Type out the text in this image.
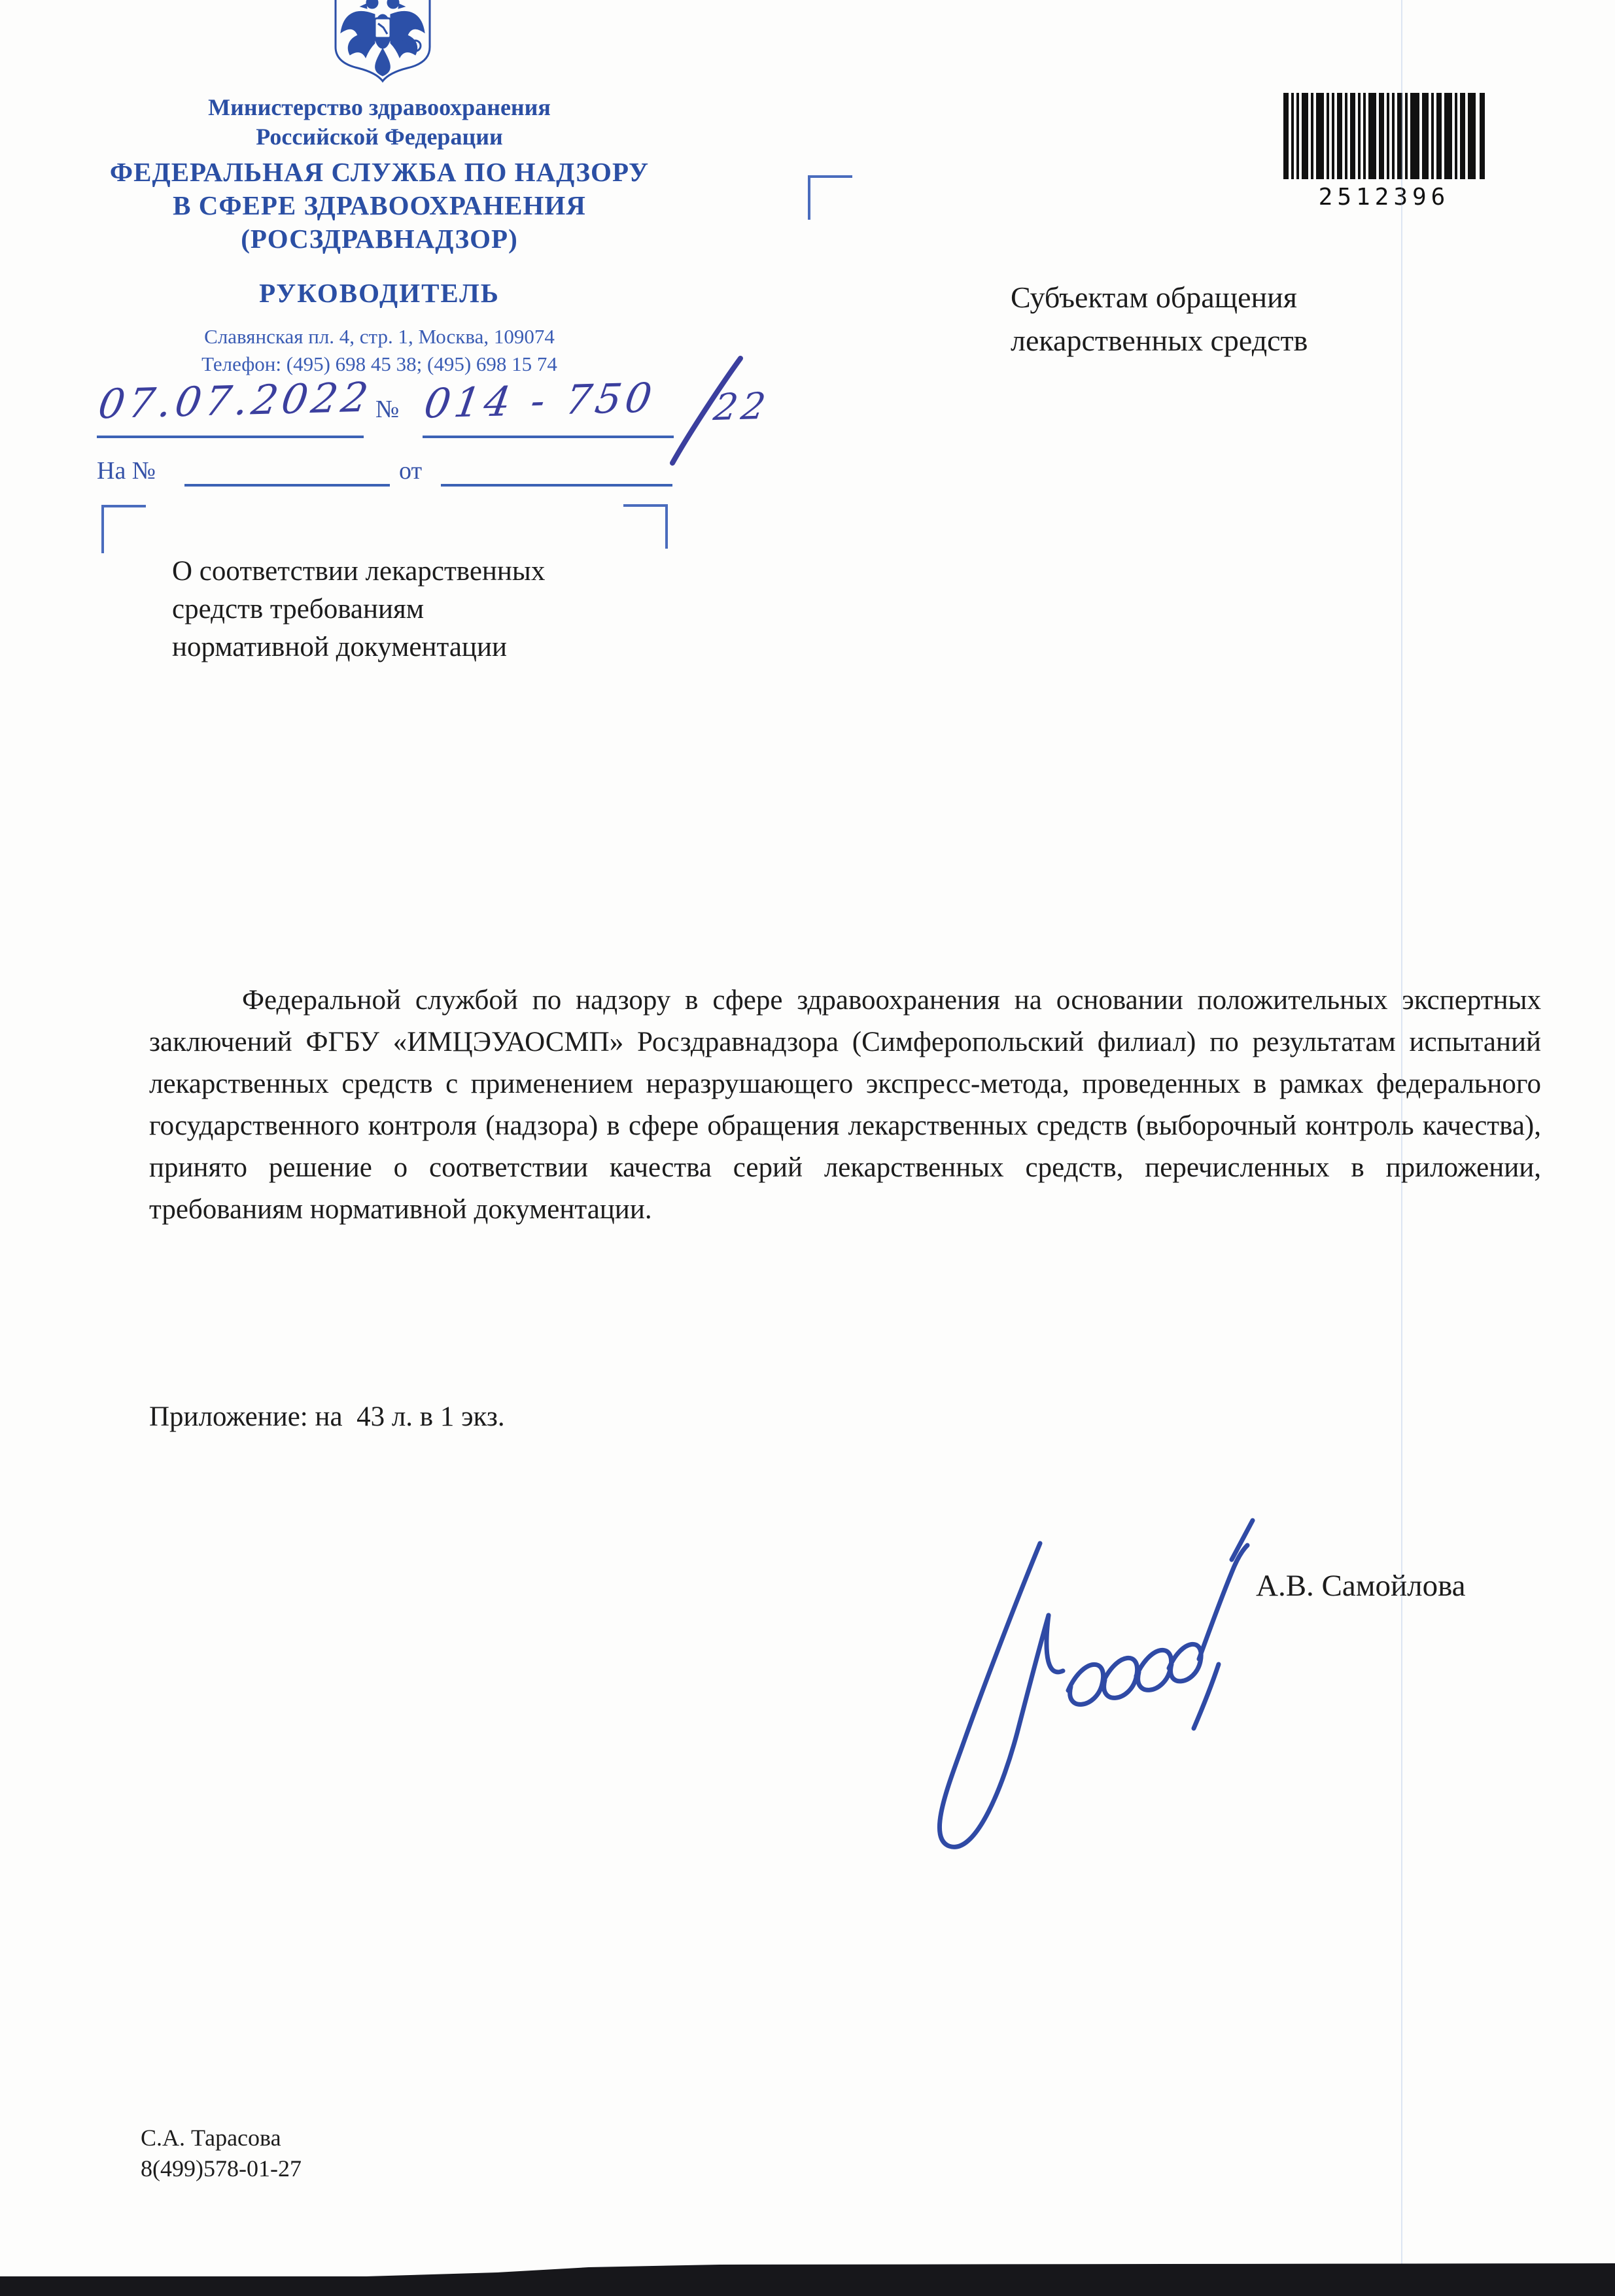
Министерство здравоохранения
Российской Федерации
ФЕДЕРАЛЬНАЯ СЛУЖБА ПО НАДЗОРУ
В СФЕРЕ ЗДРАВООХРАНЕНИЯ
(РОСЗДРАВНАДЗОР)
РУКОВОДИТЕЛЬ
Славянская пл. 4, стр. 1, Москва, 109074
Телефон: (495) 698 45 38; (495) 698 15 74
07.07.2022 № 014 - 750 22
На №	от
2512396
Субъектам обращения
лекарственных средств
О соответствии лекарственных
средств требованиям
нормативной документации
Федеральной службой по надзору в сфере здравоохранения на основании положительных экспертных заключений ФГБУ «ИМЦЭУАОСМП» Росздравнадзора (Симферопольский филиал) по результатам испытаний лекарственных средств с применением неразрушающего экспресс-метода, проведенных в рамках федерального государственного контроля (надзора) в сфере обращения лекарственных средств (выборочный контроль качества), принято решение о соответствии качества серий лекарственных средств, перечисленных в приложении, требованиям нормативной документации.
Приложение: на  43 л. в 1 экз.
А.В. Самойлова
С.А. Тарасова
8(499)578-01-27
